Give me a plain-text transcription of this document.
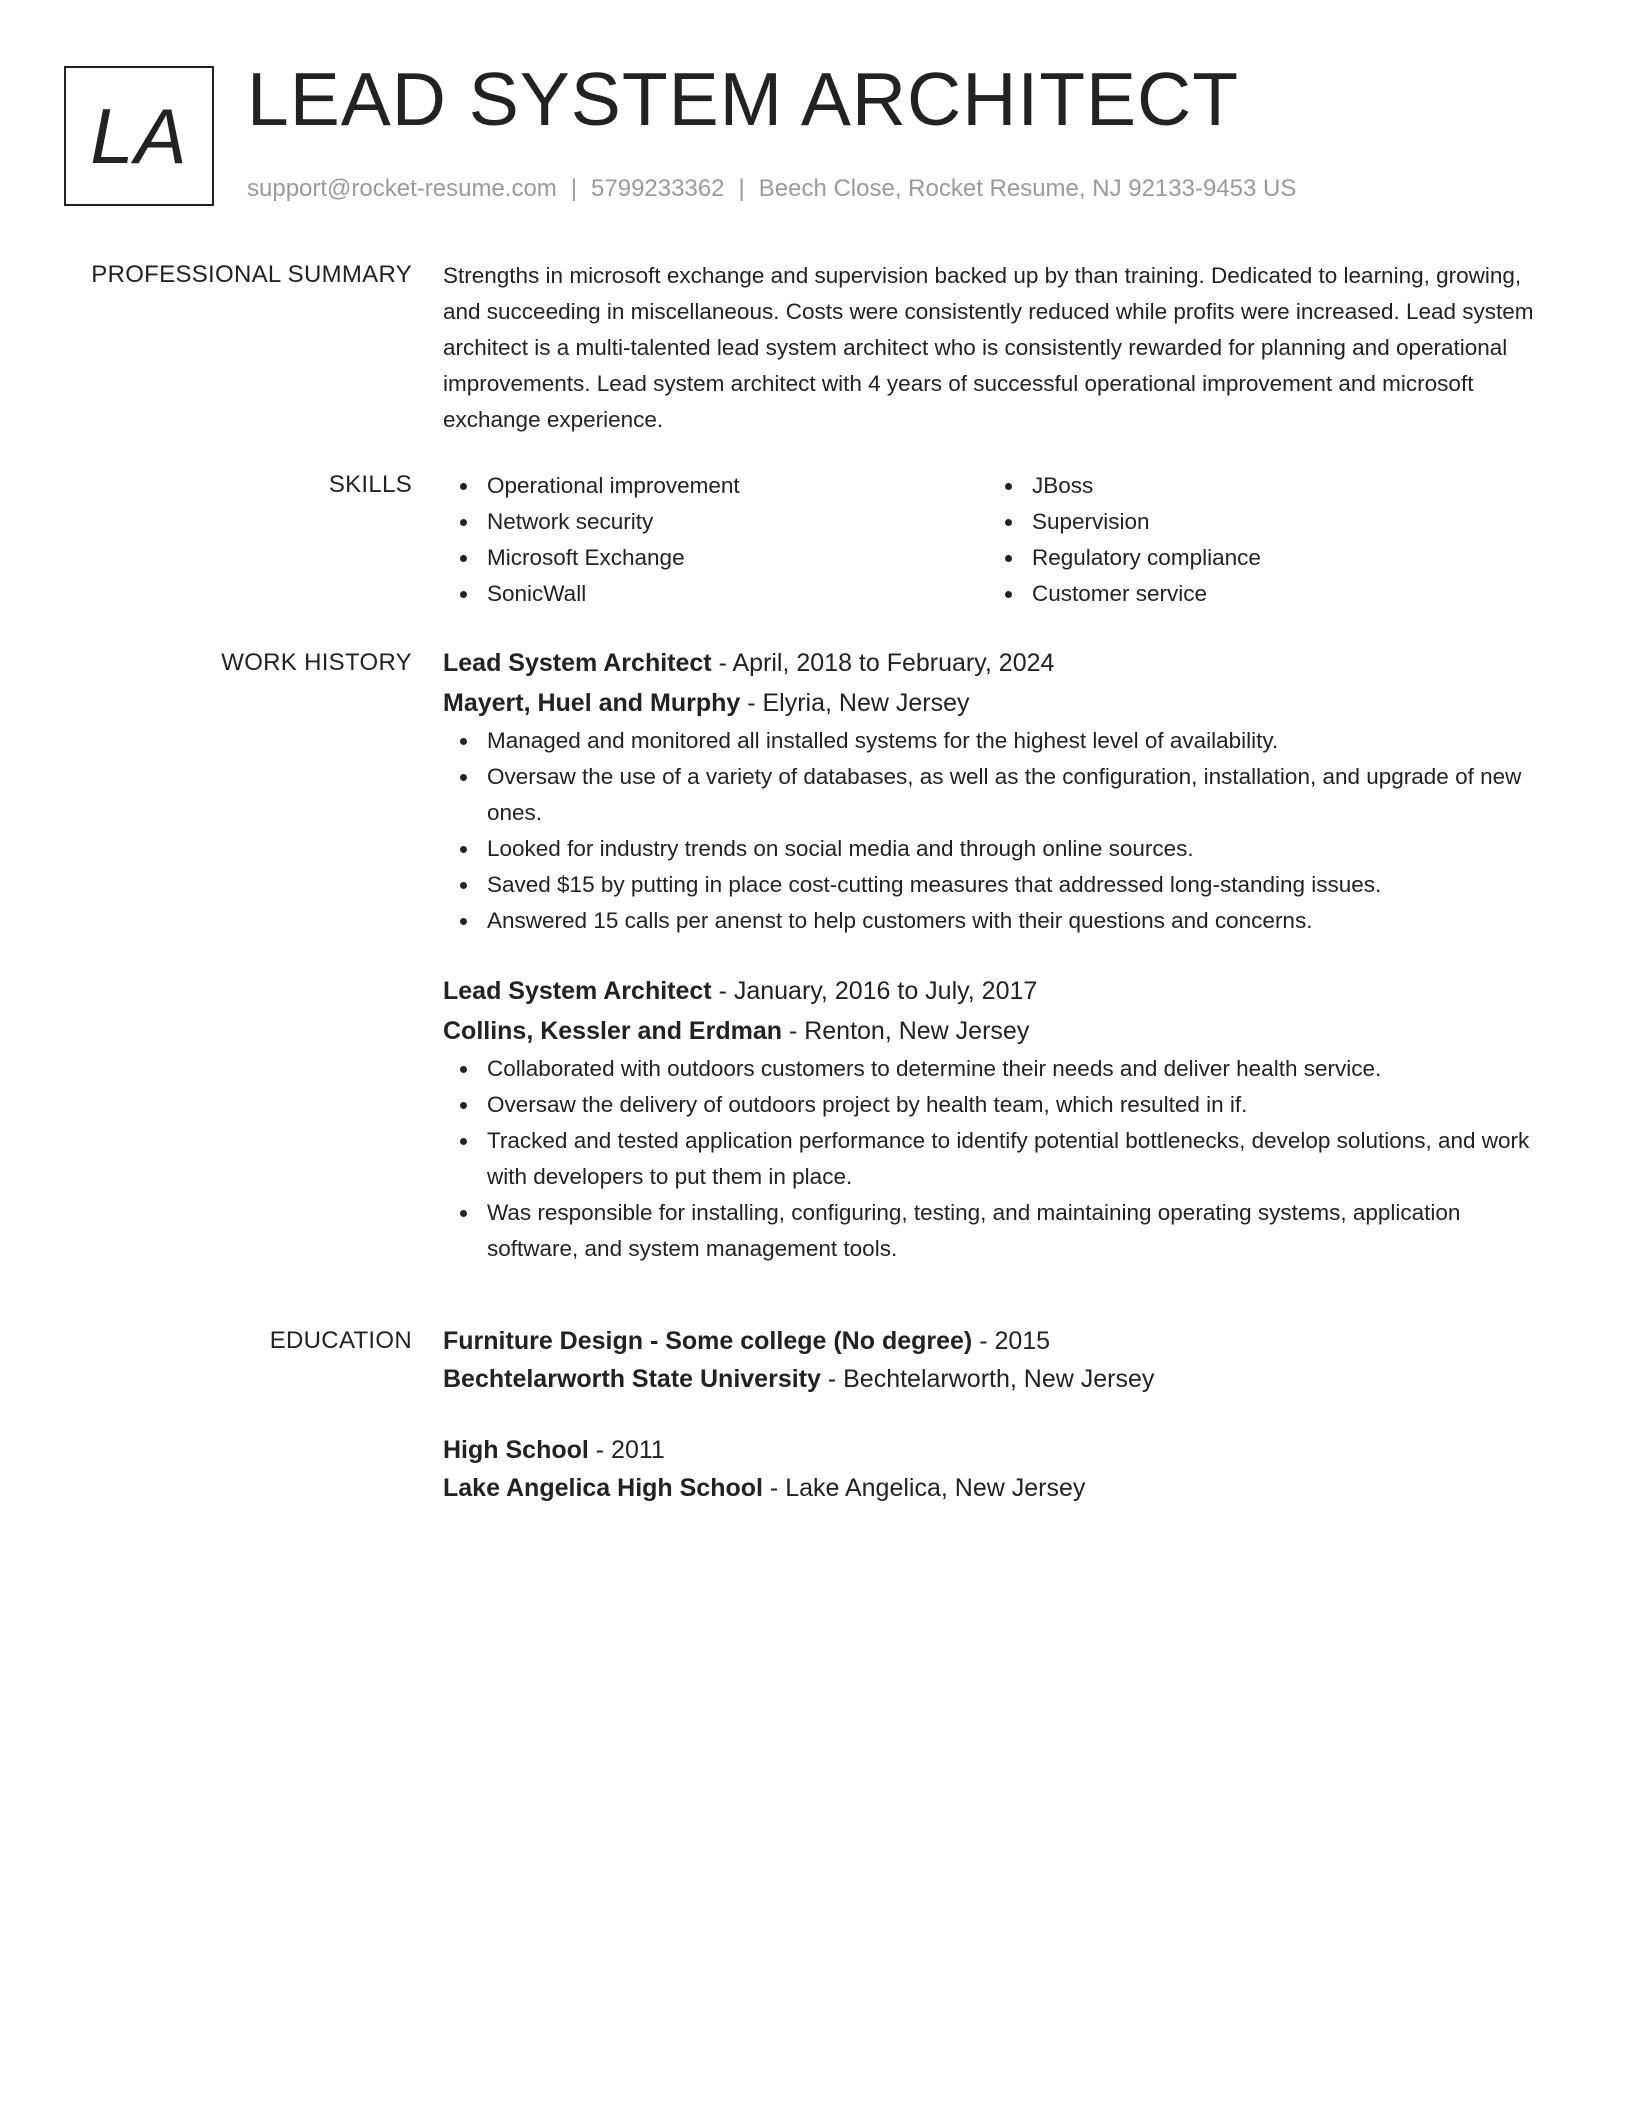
LA LEAD SYSTEM ARCHITECT
support@rocket-resume.com | 5799233362 | Beech Close, Rocket Resume, NJ 92133-9453 US
PROFESSIONAL SUMMARY Strengths in microsoft exchange and supervision backed up by than training. Dedicated to learning, growing, and succeeding in miscellaneous. Costs were consistently reduced while profits were increased. Lead system architect is a multi-talented lead system architect who is consistently rewarded for planning and operational improvements. Lead system architect with 4 years of successful operational improvement and microsoft exchange experience.

SKILLS	Operational improvement
Network security
Microsoft Exchange
SonicWall
JBoss
Supervision
Regulatory compliance
Customer service
WORK HISTORY Lead System Architect - April, 2018 to February, 2024
Mayert, Huel and Murphy - Elyria, New Jersey
Managed and monitored all installed systems for the highest level of availability.
Oversaw the use of a variety of databases, as well as the configuration, installation, and upgrade of new ones.
Looked for industry trends on social media and through online sources.
Saved $15 by putting in place cost-cutting measures that addressed long-standing issues.
Answered 15 calls per anenst to help customers with their questions and concerns.
Lead System Architect - January, 2016 to July, 2017
Collins, Kessler and Erdman - Renton, New Jersey
Collaborated with outdoors customers to determine their needs and deliver health service.
Oversaw the delivery of outdoors project by health team, which resulted in if.
Tracked and tested application performance to identify potential bottlenecks, develop solutions, and work with developers to put them in place.
Was responsible for installing, configuring, testing, and maintaining operating systems, application software, and system management tools.
EDUCATION Furniture Design - Some college (No degree) - 2015
Bechtelarworth State University - Bechtelarworth, New Jersey
High School - 2011
Lake Angelica High School - Lake Angelica, New Jersey
